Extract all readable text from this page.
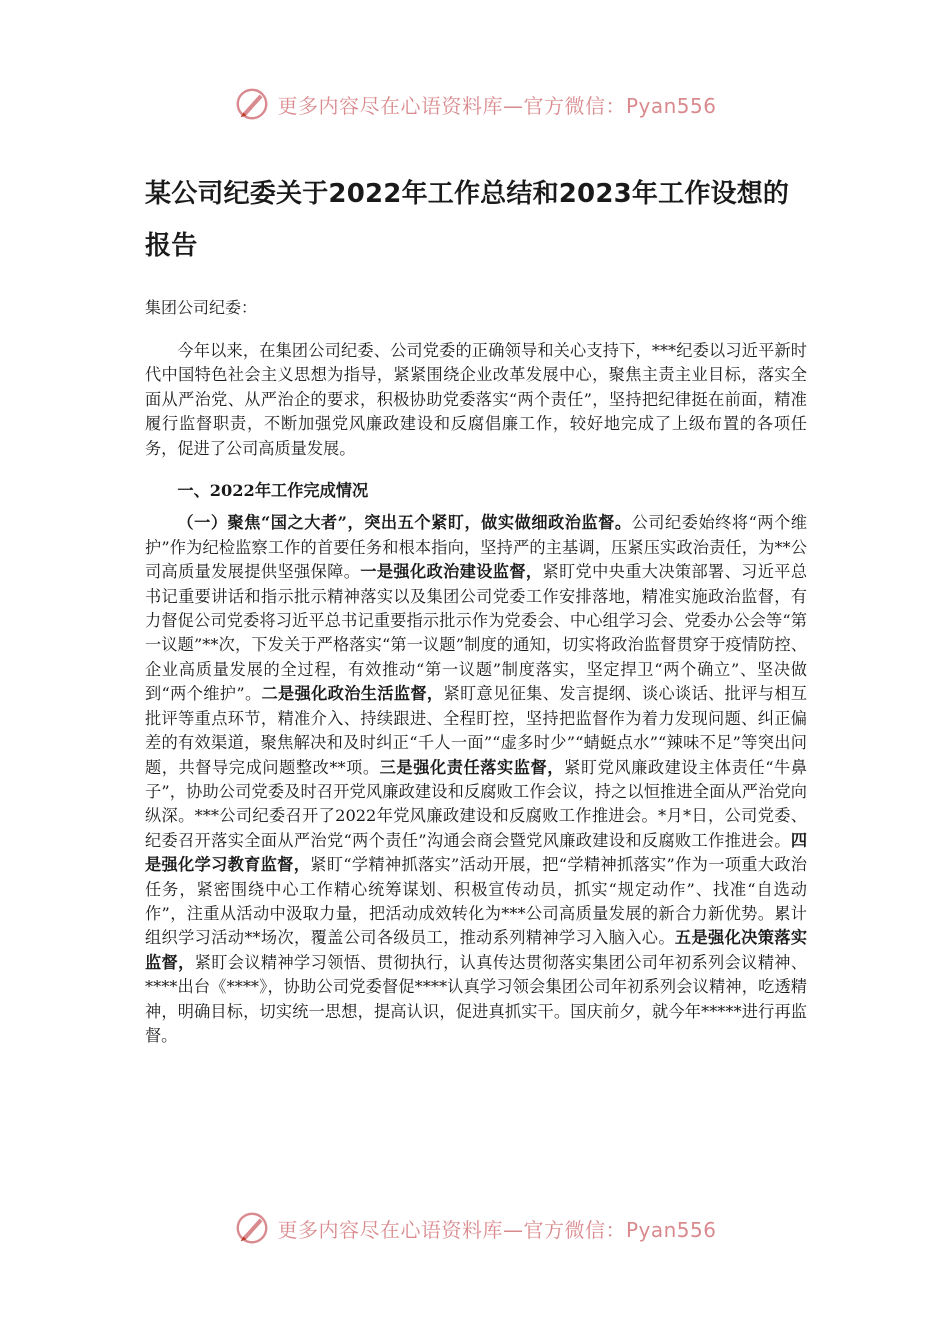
更多内容尽在心语资料库—官方微信：Pyan556
某公司纪委关于2022年工作总结和2023年工作设想的报告
集团公司纪委：

今年以来，在集团公司纪委、公司党委的正确领导和关心支持下，***纪委以习近平新时代中国特色社会主义思想为指导，紧紧围绕企业改革发展中心，聚焦主责主业目标，落实全面从严治党、从严治企的要求，积极协助党委落实“两个责任”，坚持把纪律挺在前面，精准履行监督职责，不断加强党风廉政建设和反腐倡廉工作，较好地完成了上级布置的各项任务，促进了公司高质量发展。

一、2022年工作完成情况

（一）聚焦“国之大者”，突出五个紧盯，做实做细政治监督。公司纪委始终将“两个维护”作为纪检监察工作的首要任务和根本指向，坚持严的主基调，压紧压实政治责任，为**公司高质量发展提供坚强保障。一是强化政治建设监督，紧盯党中央重大决策部署、习近平总书记重要讲话和指示批示精神落实以及集团公司党委工作安排落地，精准实施政治监督，有力督促公司党委将习近平总书记重要指示批示作为党委会、中心组学习会、党委办公会等“第一议题”**次，下发关于严格落实“第一议题”制度的通知，切实将政治监督贯穿于疫情防控、企业高质量发展的全过程，有效推动“第一议题”制度落实，坚定捍卫“两个确立”、坚决做到“两个维护”。二是强化政治生活监督，紧盯意见征集、发言提纲、谈心谈话、批评与相互批评等重点环节，精准介入、持续跟进、全程盯控，坚持把监督作为着力发现问题、纠正偏差的有效渠道，聚焦解决和及时纠正“千人一面”“虚多时少”“蜻蜓点水”“辣味不足”等突出问题，共督导完成问题整改**项。三是强化责任落实监督，紧盯党风廉政建设主体责任“牛鼻子”，协助公司党委及时召开党风廉政建设和反腐败工作会议，持之以恒推进全面从严治党向纵深。***公司纪委召开了2022年党风廉政建设和反腐败工作推进会。*月*日，公司党委、纪委召开落实全面从严治党“两个责任”沟通会商会暨党风廉政建设和反腐败工作推进会。四是强化学习教育监督，紧盯“学精神抓落实”活动开展，把“学精神抓落实”作为一项重大政治任务，紧密围绕中心工作精心统筹谋划、积极宣传动员，抓实“规定动作”、找准“自选动作”，注重从活动中汲取力量，把活动成效转化为***公司高质量发展的新合力新优势。累计组织学习活动**场次，覆盖公司各级员工，推动系列精神学习入脑入心。五是强化决策落实监督，紧盯会议精神学习领悟、贯彻执行，认真传达贯彻落实集团公司年初系列会议精神、****出台《****》，协助公司党委督促****认真学习领会集团公司年初系列会议精神，吃透精神，明确目标，切实统一思想，提高认识，促进真抓实干。国庆前夕，就今年*****进行再监督。

更多内容尽在心语资料库—官方微信：Pyan556
